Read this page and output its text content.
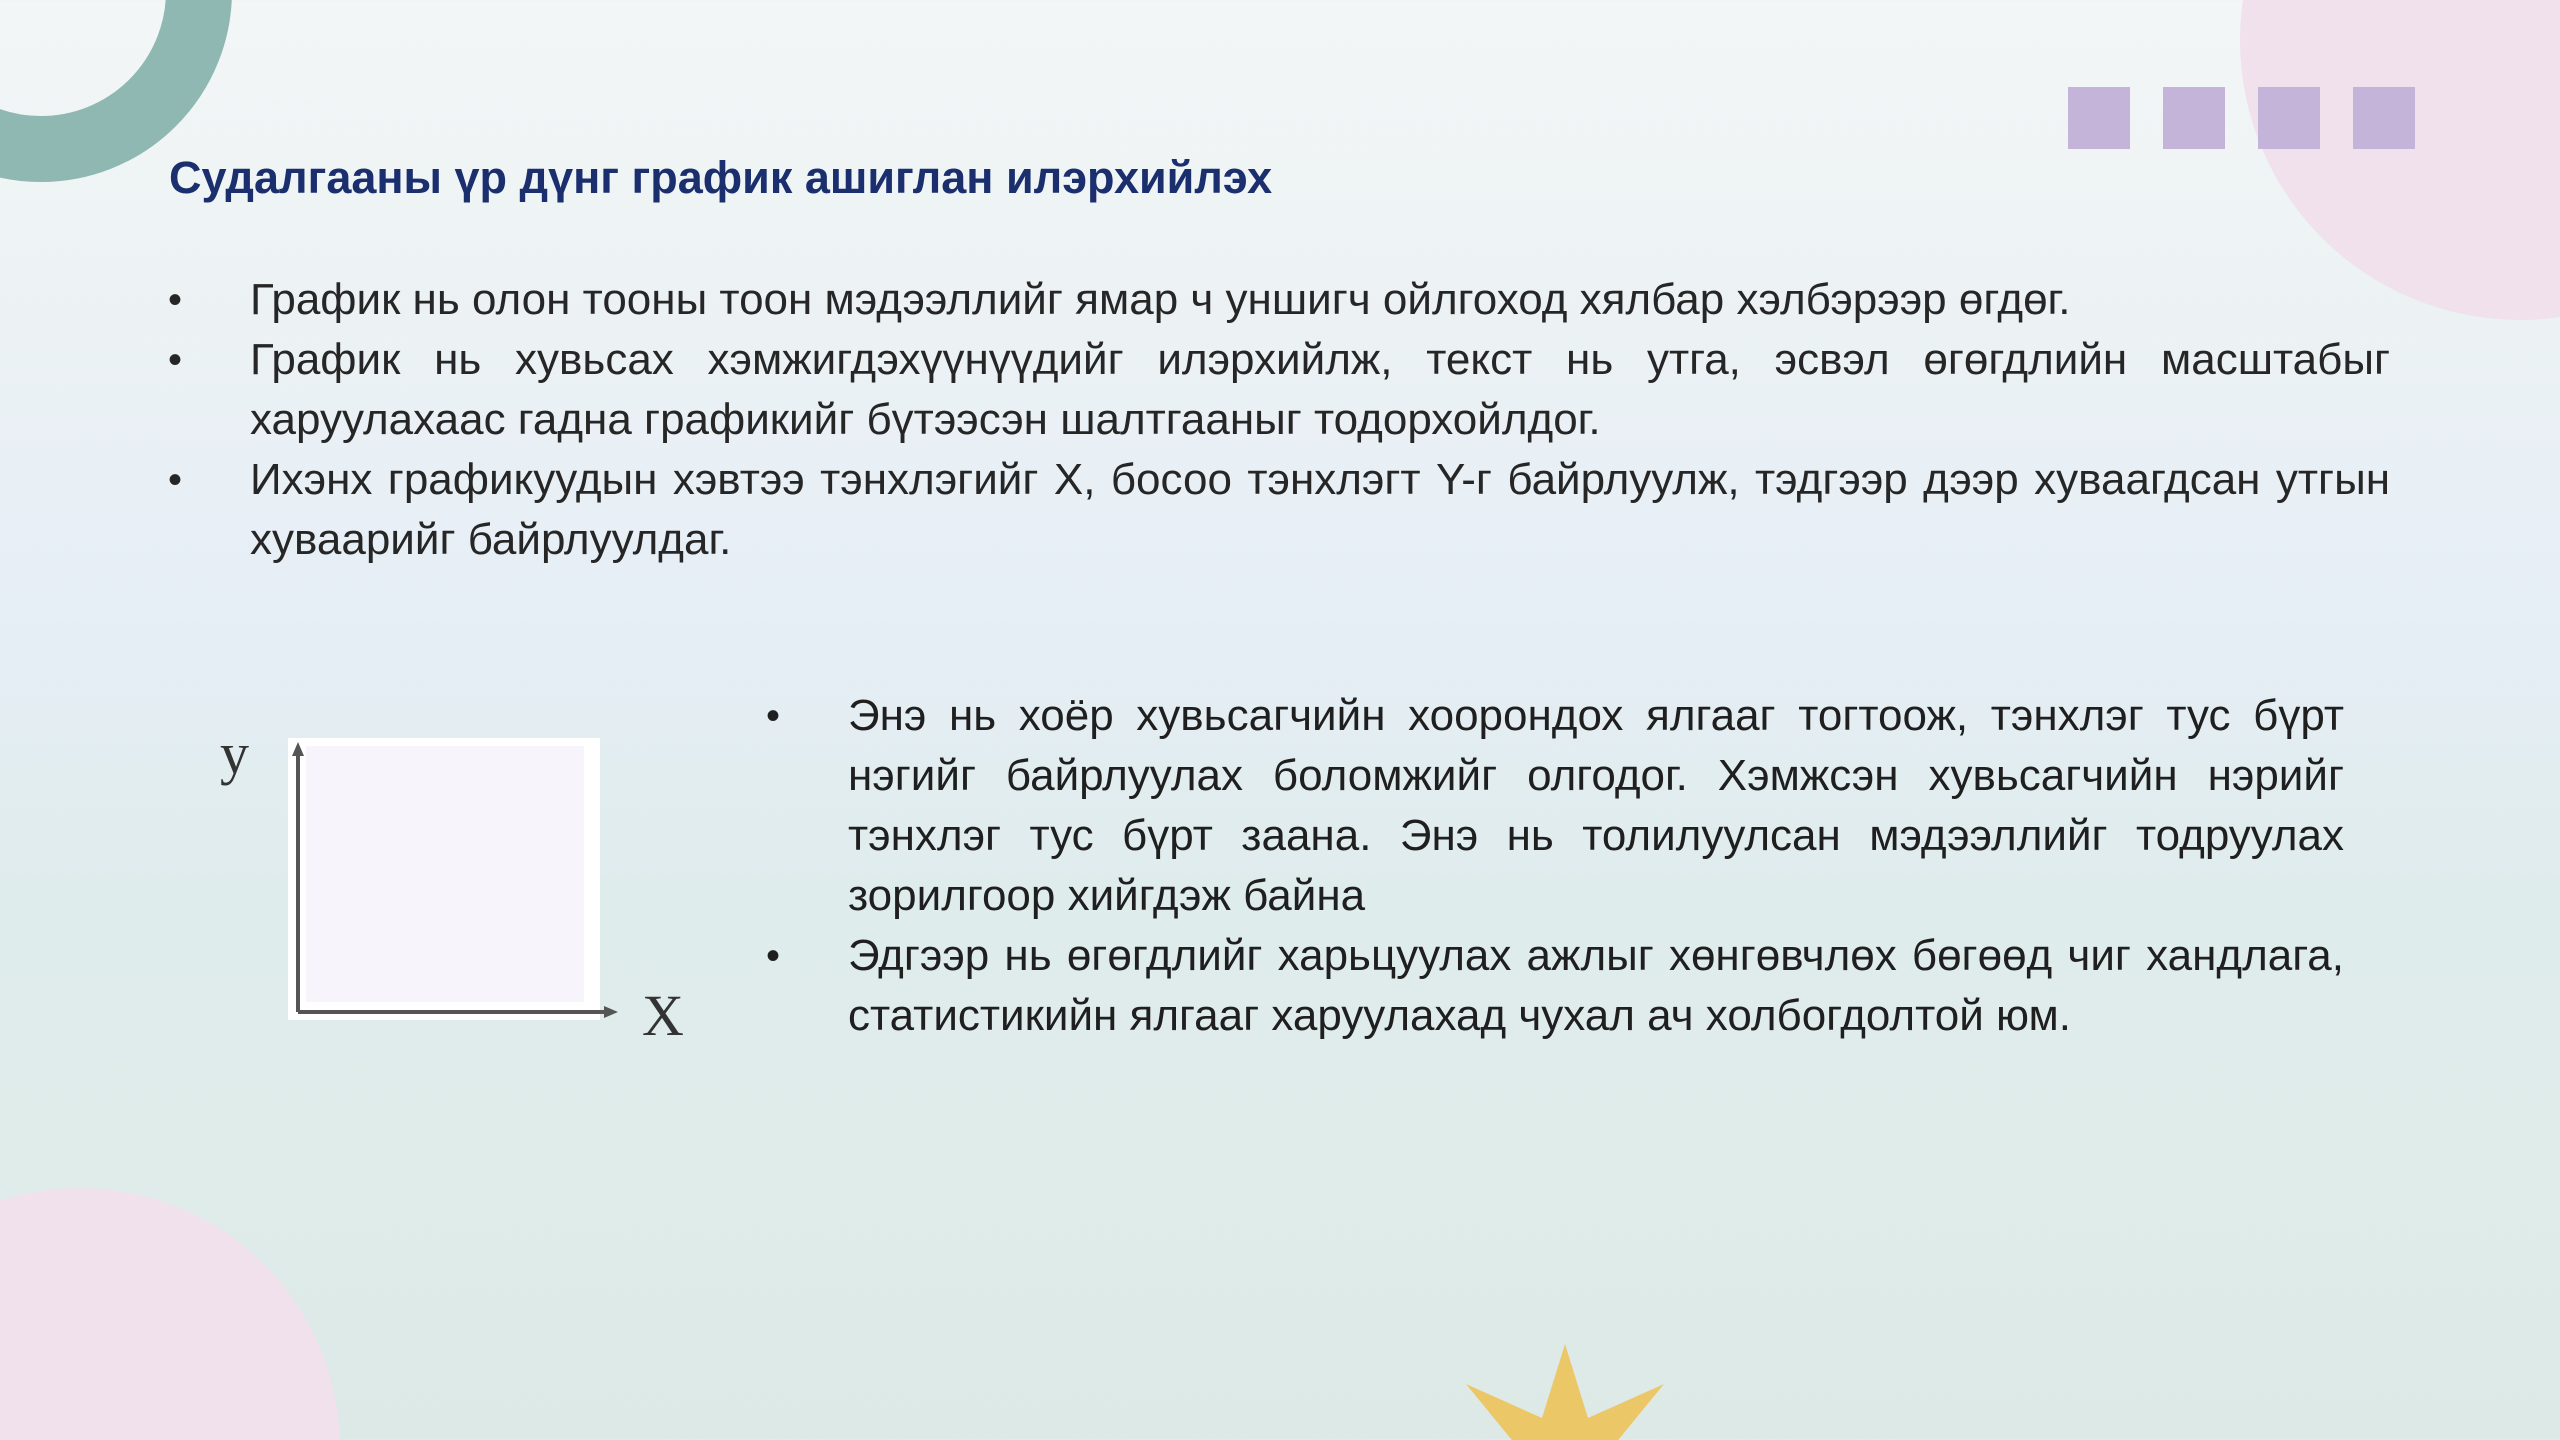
Судалгааны үр дүнг график ашиглан илэрхийлэх
• График нь олон тооны тоон мэдээллийг ямар ч уншигч ойлгоход хялбар хэлбэрээр өгдөг.
• График нь хувьсах хэмжигдэхүүнүүдийг илэрхийлж, текст нь утга, эсвэл өгөгдлийн масштабыг харуулахаас гадна графикийг бүтээсэн шалтгааныг тодорхойлдог.
• Ихэнх графикуудын хэвтээ тэнхлэгийг X, босоо тэнхлэгт Y-г байрлуулж, тэдгээр дээр хуваагдсан утгын хуваарийг байрлуулдаг.
у
X
• Энэ нь хоёр хувьсагчийн хоорондох ялгааг тогтоож, тэнхлэг тус бүрт нэгийг байрлуулах боломжийг олгодог. Хэмжсэн хувьсагчийн нэрийг тэнхлэг тус бүрт заана. Энэ нь толилуулсан мэдээллийг тодруулах зорилгоор хийгдэж байна
• Эдгээр нь өгөгдлийг харьцуулах ажлыг хөнгөвчлөх бөгөөд чиг хандлага, статистикийн ялгааг харуулахад чухал ач холбогдолтой юм.
